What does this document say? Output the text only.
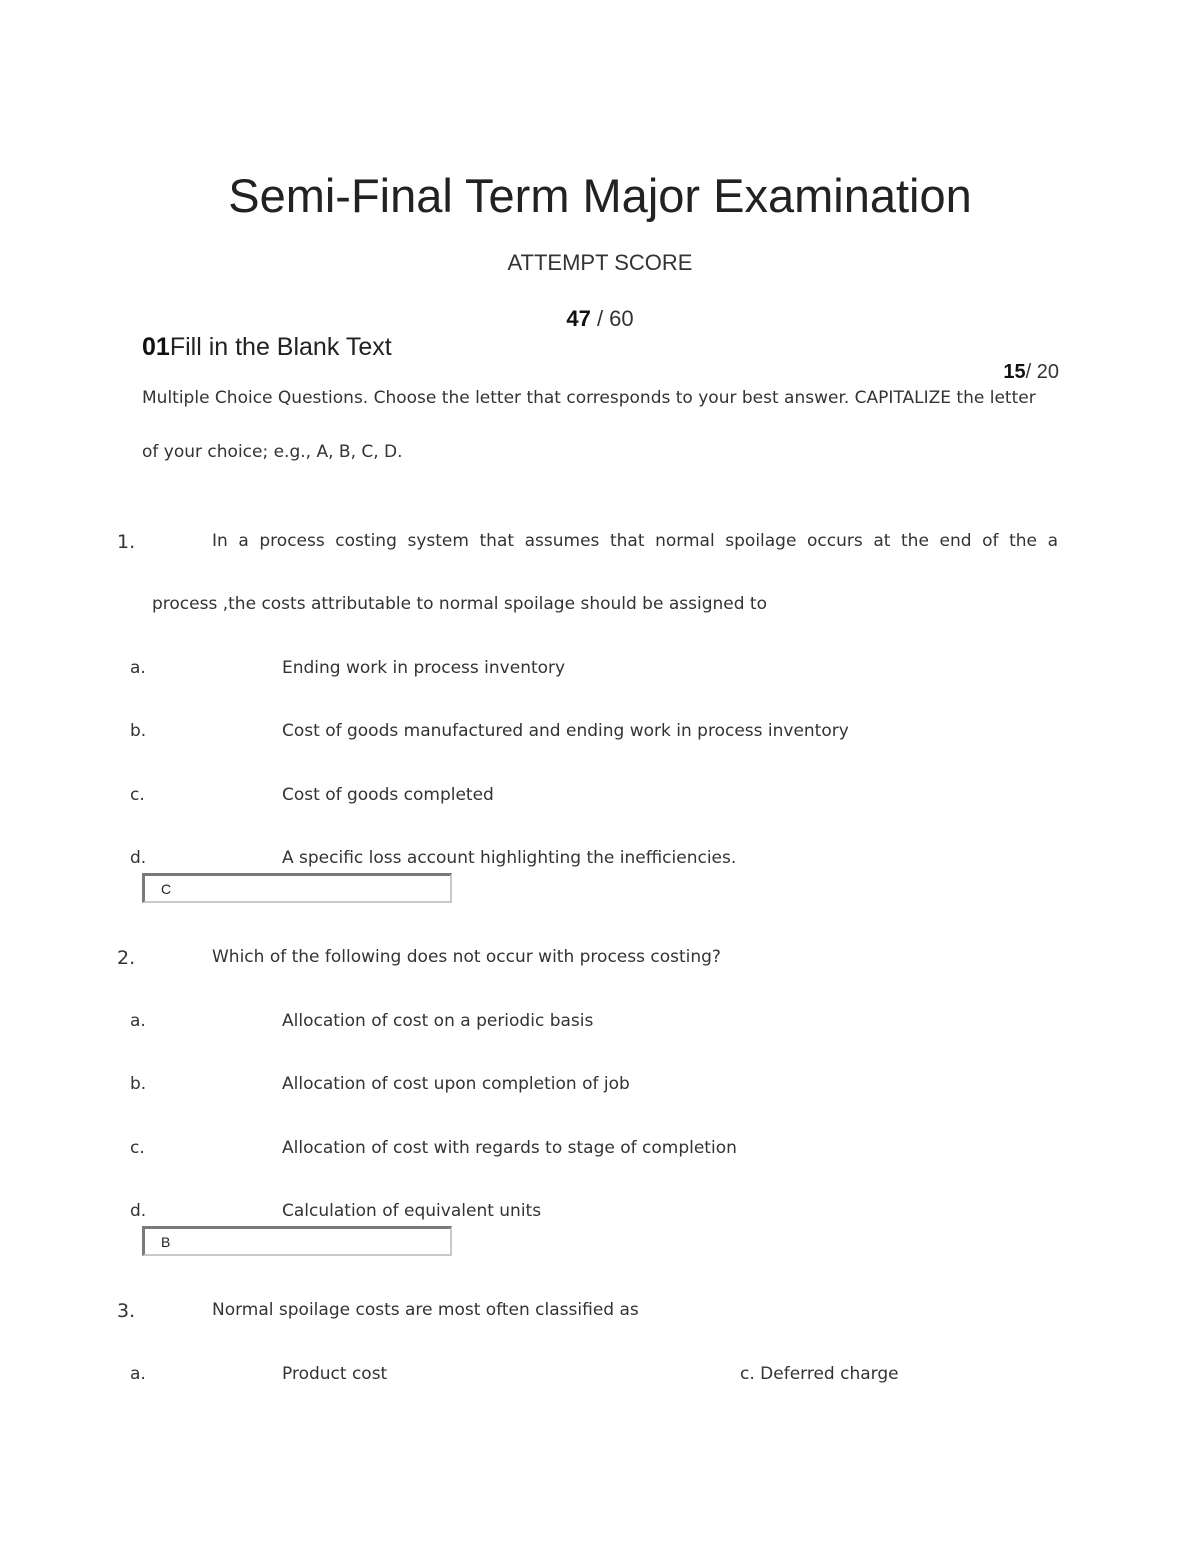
Semi-Final Term Major Examination
ATTEMPT SCORE
47 / 60
01Fill in the Blank Text
15/ 20
Multiple Choice Questions. Choose the letter that corresponds to your best answer. CAPITALIZE the letter
of your choice; e.g., A, B, C, D.
1.	In a process costing system that assumes that normal spoilage occurs at the end of the a
process ,the costs attributable to normal spoilage should be assigned to
a.	Ending work in process inventory
b.	Cost of goods manufactured and ending work in process inventory
c.	Cost of goods completed
d.	A specific loss account highlighting the inefficiencies.
C
2.	Which of the following does not occur with process costing?
a.	Allocation of cost on a periodic basis
b.	Allocation of cost upon completion of job
c.	Allocation of cost with regards to stage of completion
d.	Calculation of equivalent units
B
3.	Normal spoilage costs are most often classified as
a.	Product cost	c. Deferred charge
